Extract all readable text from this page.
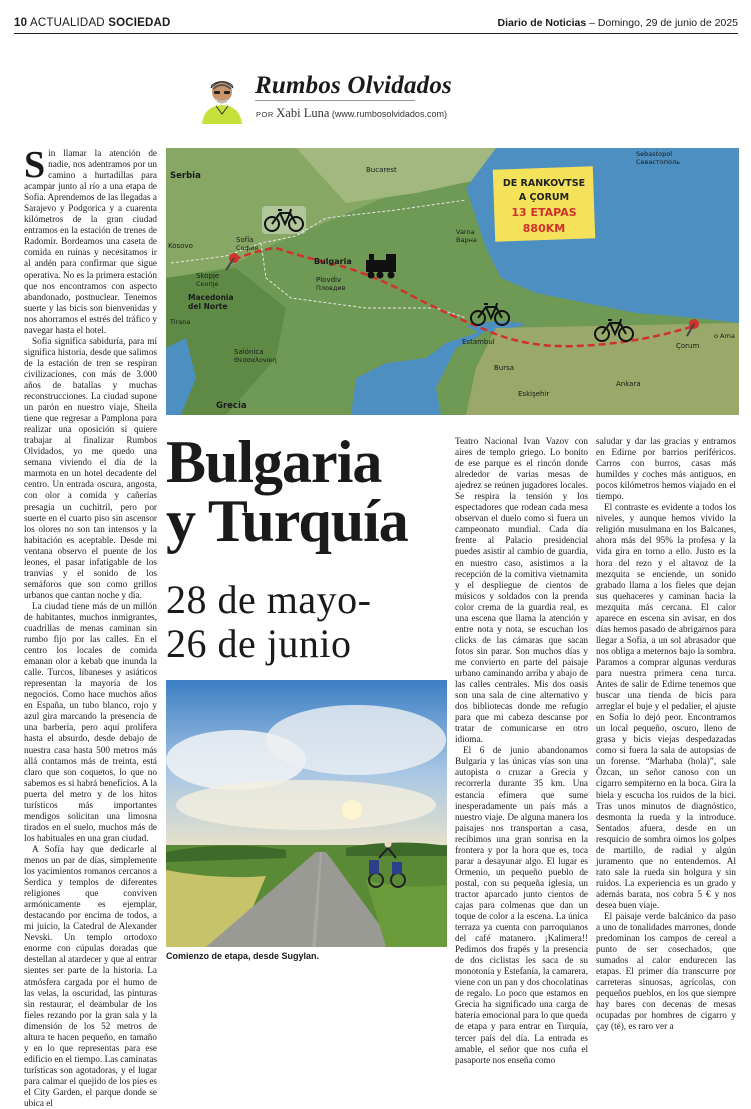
10 ACTUALIDAD SOCIEDAD	Diario de Noticias – Domingo, 29 de junio de 2025
Rumbos Olvidados
POR Xabi Luna (www.rumbosolvidados.com)

Sin llamar la atención de nadie, nos adentramos por un camino a hurtadillas para acampar junto al río a una etapa de Sofía. Aprendemos de las llegadas a Sarajevo y Podgorica y a cuarenta kilómetros de la gran ciudad entramos en la estación de trenes de Radomir. Bordeamos una caseta de comida en ruinas y necesitamos ir al andén para confirmar que sigue operativa. No es la primera estación que nos encontramos con aspecto abandonado, postnuclear. Tenemos suerte y las bicis son bienvenidas y nos ahorramos el estrés del tráfico y navegar hasta el hotel.

Sofía significa sabiduría, para mí significa historia, desde que salimos de la estación de tren se respiran civilizaciones, con más de 3.000 años de batallas y muchas reconstrucciones. La ciudad supone un parón en nuestro viaje, Sheila tiene que regresar a Pamplona para realizar una oposición si quiere trabajar al finalizar Rumbos Olvidados, yo me quedo una semana viviendo el día de la marmota en un hotel decadente del centro. Un entrada oscura, angosta, con olor a comida y cañerías presagia un cuchitril, pero por suerte en el cuarto piso sin ascensor los olores no son tan intensos y la habitación es aceptable. Desde mi ventana observo el puente de los leones, el pasar infatigable de los tranvías y el sonido de los semáforos que son como grillos urbanos que cantan noche y día.

La ciudad tiene más de un millón de habitantes, muchos inmigrantes, cuadrillas de menas caminan sin rumbo fijo por las calles. En el centro los locales de comida emanan olor a kebab que inunda la calle. Turcos, libaneses y asiáticos representan la mayoría de los negocios. Como hace muchos años en España, un tubo blanco, rojo y azul gira marcando la presencia de una barbería, pero aquí prolifera hasta el absurdo, desde debajo de nuestra casa hasta 500 metros más allá contamos más de treinta, está claro que son coquetos, lo que no sabemos es si habrá beneficios. A la puerta del metro y de los hitos turísticos más importantes mendigos solicitan una limosna tirados en el suelo, muchos más de los habituales en una gran ciudad.

A Sofía hay que dedicarle al menos un par de días, simplemente los yacimientos romanos cercanos a Serdica y templos de diferentes religiones que conviven armónicamente es ejemplar, destacando por encima de todos, a mi juicio, la Catedral de Alexander Nevski. Un templo ortodoxo enorme con cúpulas doradas que destellan al atardecer y que al entrar sientes ser parte de la historia. La atmósfera cargada por el humo de las velas, la oscuridad, las pinturas sin restaurar, el deambular de los fieles rezando por la gran sala y la dimensión de los 52 metros de altura te hacen pequeño, en tamaño y en lo que representas para ese edificio en el tiempo. Las caminatas turísticas son agotadoras, y el lugar para calmar el quejido de los pies es el City Garden, el parque donde se ubica el

DE RANKOVTSE
A ÇORUM
13 ETAPAS
880KM
Serbia
Bucarest
Sebastopol
Севастополь
Sofía
София
Bulgaria
Varna
Варна
Kosovo
Plovdiv
Пловдив
Skopje
Скопје
Macedonia
del Norte
Tirana
Salónica
Θεσσαλονίκη
Estambul
Bursa
Eskişehir
Ankara
Çorum
o Ama
Grecia
Bulgaria
y Turquía
28 de mayo-
26 de junio
Comienzo de etapa, desde Sugylan.

Teatro Nacional Ivan Vazov con aires de templo griego. Lo bonito de ese parque es el rincón donde alrededor de varias mesas de ajedrez se reúnen jugadores locales. Se respira la tensión y los espectadores que rodean cada mesa observan el duelo como si fuera un campeonato mundial. Cada día frente al Palacio presidencial puedes asistir al cambio de guardia, en nuestro caso, asistimos a la recepción de la comitiva vietnamita y el despliegue de cientos de músicos y soldados con la prenda color crema de la guardia real, es una escena que llama la atención y entre nota y nota, se escuchan los clicks de las cámaras que sacan fotos sin parar. Son muchos días y me convierto en parte del paisaje urbano caminando arriba y abajo de las calles centrales. Mis dos oasis son una sala de cine alternativo y dos bibliotecas donde me refugio para que mi cabeza descanse por tratar de comunicarse en otro idioma.

El 6 de junio abandonamos Bulgaria y las únicas vías son una autopista o cruzar a Grecia y recorrerla durante 35 km. Una estancia efímera que sume inesperadamente un país más a nuestro viaje. De alguna manera los paisajes nos transportan a casa, recibimos una gran sonrisa en la frontera y por la hora que es, toca parar a desayunar algo. El lugar es Ormenio, un pequeño pueblo de postal, con su pequeña iglesia, un tractor aparcado junto cientos de cajas para colmenas que dan un toque de color a la escena. La única terraza ya cuenta con parroquianos del café matanero. ¡Kalimera!! Pedimos dos frapés y la presencia de dos ciclistas les saca de su monotonía y Estefanía, la camarera, viene con un pan y dos chocolatinas de regalo. Lo poco que estamos en Grecia ha significado una carga de batería emocional para lo que queda de etapa y para entrar en Turquía, tercer país del día. La entrada es amable, el señor que nos cuña el pasaporte nos enseña como

saludar y dar las gracias y entramos en Edirne por barrios periféricos. Carros con burros, casas más humildes y coches más antiguos, en pocos kilómetros hemos viajado en el tiempo.

El contraste es evidente a todos los niveles, y aunque hemos vivido la religión musulmana en los Balcanes, ahora más del 95% la profesa y la vida gira en torno a ello. Justo es la hora del rezo y el altavoz de la mezquita se enciende, un sonido grabado llama a los fieles que dejan sus quehaceres y caminan hacia la mezquita más cercana. El calor aparece en escena sin avisar, en dos días hemos pasado de abrigarnos para llegar a Sofía, a un sol abrasador que nos obliga a meternos bajo la sombra. Paramos a comprar algunas verduras para nuestra primera cena turca. Antes de salir de Edirne tenemos que buscar una tienda de bicis para arreglar el buje y el pedalier, el ajuste en Sofía lo dejó peor. Encontramos un local pequeño, oscuro, lleno de grasa y bicis viejas despedazadas como si fuera la sala de autopsias de un forense. “Marhaba (hola)”, sale Özcan, un señor canoso con un cigarro sempiterno en la boca. Gira la biela y escucha los ruidos de la bici. Tras unos minutos de diagnóstico, desmonta la rueda y la introduce. Sentados afuera, desde en un resquicio de sombra oímos los golpes de martillo, de radial y algún juramento que no entendemos. Al rato sale la rueda sin holgura y sin ruidos. La experiencia es un grado y además barata, nos cobra 5 € y nos desea buen viaje.

El paisaje verde balcánico da paso a uno de tonalidades marrones, donde predominan los campos de cereal a punto de ser cosechados, que sumados al calor endurecen las etapas. El primer día transcurre por carreteras sinuosas, agrícolas, con pequeños pueblos, en los que siempre hay bares con decenas de mesas ocupadas por hombres de cigarro y çay (té), es raro ver a
